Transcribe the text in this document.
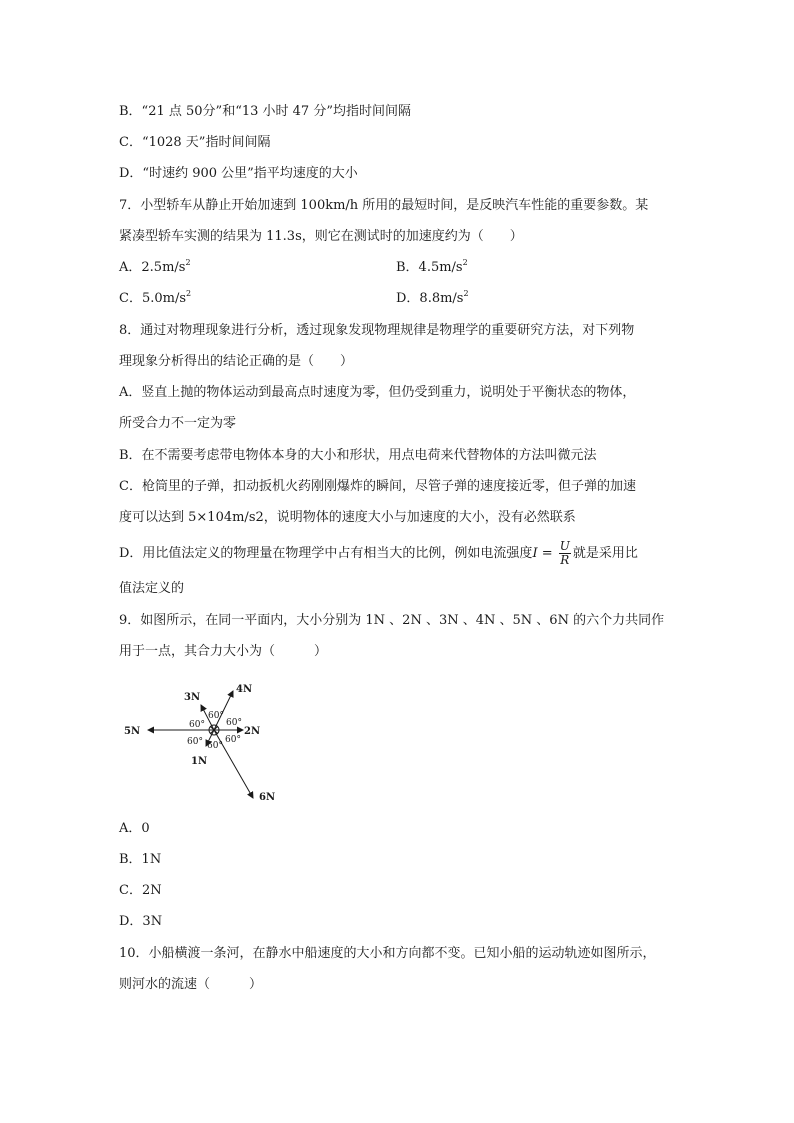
B．“21 点 50分”和“13 小时 47 分”均指时间间隔
C．“1028 天”指时间间隔
D．“时速约 900 公里”指平均速度的大小
7．小型轿车从静止开始加速到 100km/h 所用的最短时间，是反映汽车性能的重要参数。某
紧凑型轿车实测的结果为 11.3s，则它在测试时的加速度约为（　　）
A．$2.5m/s^2$	B．$4.5m/s^2$
C．$5.0m/s^2$	D．$8.8m/s^2$
8．通过对物理现象进行分析，透过现象发现物理规律是物理学的重要研究方法，对下列物
理现象分析得出的结论正确的是（　　）
A．竖直上抛的物体运动到最高点时速度为零，但仍受到重力，说明处于平衡状态的物体，
所受合力不一定为零
B．在不需要考虑带电物体本身的大小和形状，用点电荷来代替物体的方法叫微元法
C．枪筒里的子弹，扣动扳机火药刚刚爆炸的瞬间，尽管子弹的速度接近零，但子弹的加速
度可以达到 5×104m/s2，说明物体的速度大小与加速度的大小，没有必然联系
D．用比值法定义的物理量在物理学中占有相当大的比例，例如电流强度$I = \frac{U}{R}$ 就是采用比
值法定义的
9．如图所示，在同一平面内，大小分别为 1N 、2N 、3N 、4N 、5N 、6N 的六个力共同作
用于一点，其合力大小为（　　　）
5N	2N
4N
3N
1N
6N
60°
60° 60°
60° 60°
60°
A．0
B．1N
C．2N
D．3N
10．小船横渡一条河，在静水中船速度的大小和方向都不变。已知小船的运动轨迹如图所示，
则河水的流速（　　　）
